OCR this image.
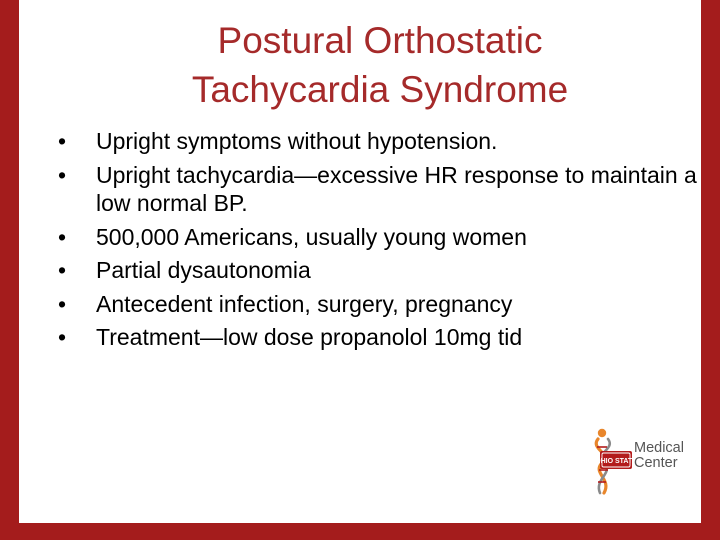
Postural Orthostatic
Tachycardia Syndrome
•	Upright symptoms without hypotension.
•	Upright tachycardia—excessive HR response to maintain a low normal BP.
•	500,000 Americans, usually young women
•	Partial dysautonomia
•	Antecedent infection, surgery, pregnancy
•	Treatment—low dose propanolol 10mg tid
OHIO STATE
Medical
Center
